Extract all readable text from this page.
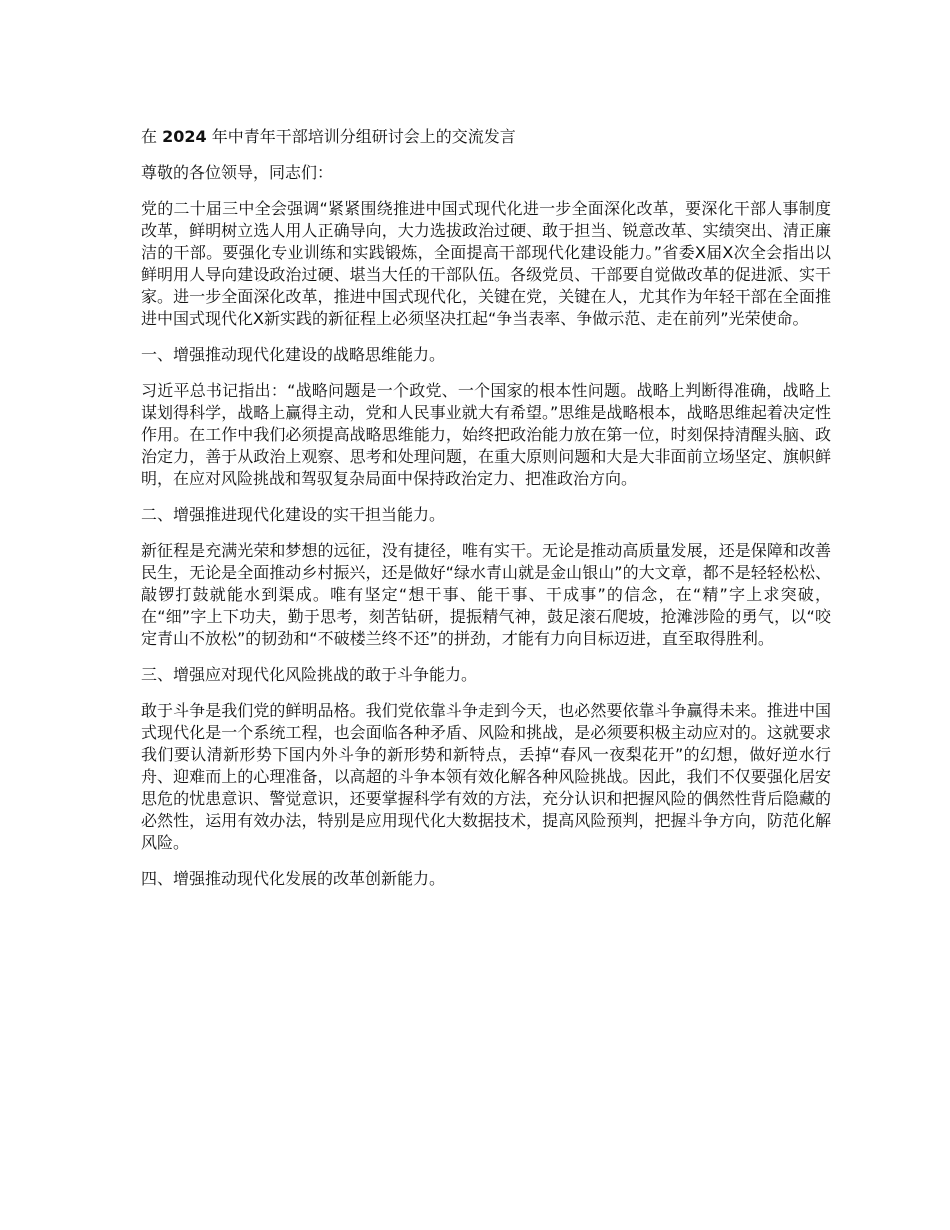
在 2024 年中青年干部培训分组研讨会上的交流发言

尊敬的各位领导，同志们：

党的二十届三中全会强调“紧紧围绕推进中国式现代化进一步全面深化改革，要深化干部人事制度改革，鲜明树立选人用人正确导向，大力选拔政治过硬、敢于担当、锐意改革、实绩突出、清正廉洁的干部。要强化专业训练和实践锻炼，全面提高干部现代化建设能力。”省委X届X次全会指出以鲜明用人导向建设政治过硬、堪当大任的干部队伍。各级党员、干部要自觉做改革的促进派、实干家。进一步全面深化改革，推进中国式现代化，关键在党，关键在人，尤其作为年轻干部在全面推进中国式现代化X新实践的新征程上必须坚决扛起“争当表率、争做示范、走在前列”光荣使命。

一、增强推动现代化建设的战略思维能力。

习近平总书记指出：“战略问题是一个政党、一个国家的根本性问题。战略上判断得准确，战略上谋划得科学，战略上赢得主动，党和人民事业就大有希望。”思维是战略根本，战略思维起着决定性作用。在工作中我们必须提高战略思维能力，始终把政治能力放在第一位，时刻保持清醒头脑、政治定力，善于从政治上观察、思考和处理问题，在重大原则问题和大是大非面前立场坚定、旗帜鲜明，在应对风险挑战和驾驭复杂局面中保持政治定力、把准政治方向。

二、增强推进现代化建设的实干担当能力。

新征程是充满光荣和梦想的远征，没有捷径，唯有实干。无论是推动高质量发展，还是保障和改善民生，无论是全面推动乡村振兴，还是做好“绿水青山就是金山银山”的大文章，都不是轻轻松松、敲锣打鼓就能水到渠成。唯有坚定“想干事、能干事、干成事”的信念，在“精”字上求突破，在“细”字上下功夫，勤于思考，刻苦钻研，提振精气神，鼓足滚石爬坡，抢滩涉险的勇气，以“咬定青山不放松”的韧劲和“不破楼兰终不还”的拼劲，才能有力向目标迈进，直至取得胜利。

三、增强应对现代化风险挑战的敢于斗争能力。

敢于斗争是我们党的鲜明品格。我们党依靠斗争走到今天，也必然要依靠斗争赢得未来。推进中国式现代化是一个系统工程，也会面临各种矛盾、风险和挑战，是必须要积极主动应对的。这就要求我们要认清新形势下国内外斗争的新形势和新特点，丢掉“春风一夜梨花开”的幻想，做好逆水行舟、迎难而上的心理准备，以高超的斗争本领有效化解各种风险挑战。因此，我们不仅要强化居安思危的忧患意识、警觉意识，还要掌握科学有效的方法，充分认识和把握风险的偶然性背后隐藏的必然性，运用有效办法，特别是应用现代化大数据技术，提高风险预判，把握斗争方向，防范化解风险。

四、增强推动现代化发展的改革创新能力。
